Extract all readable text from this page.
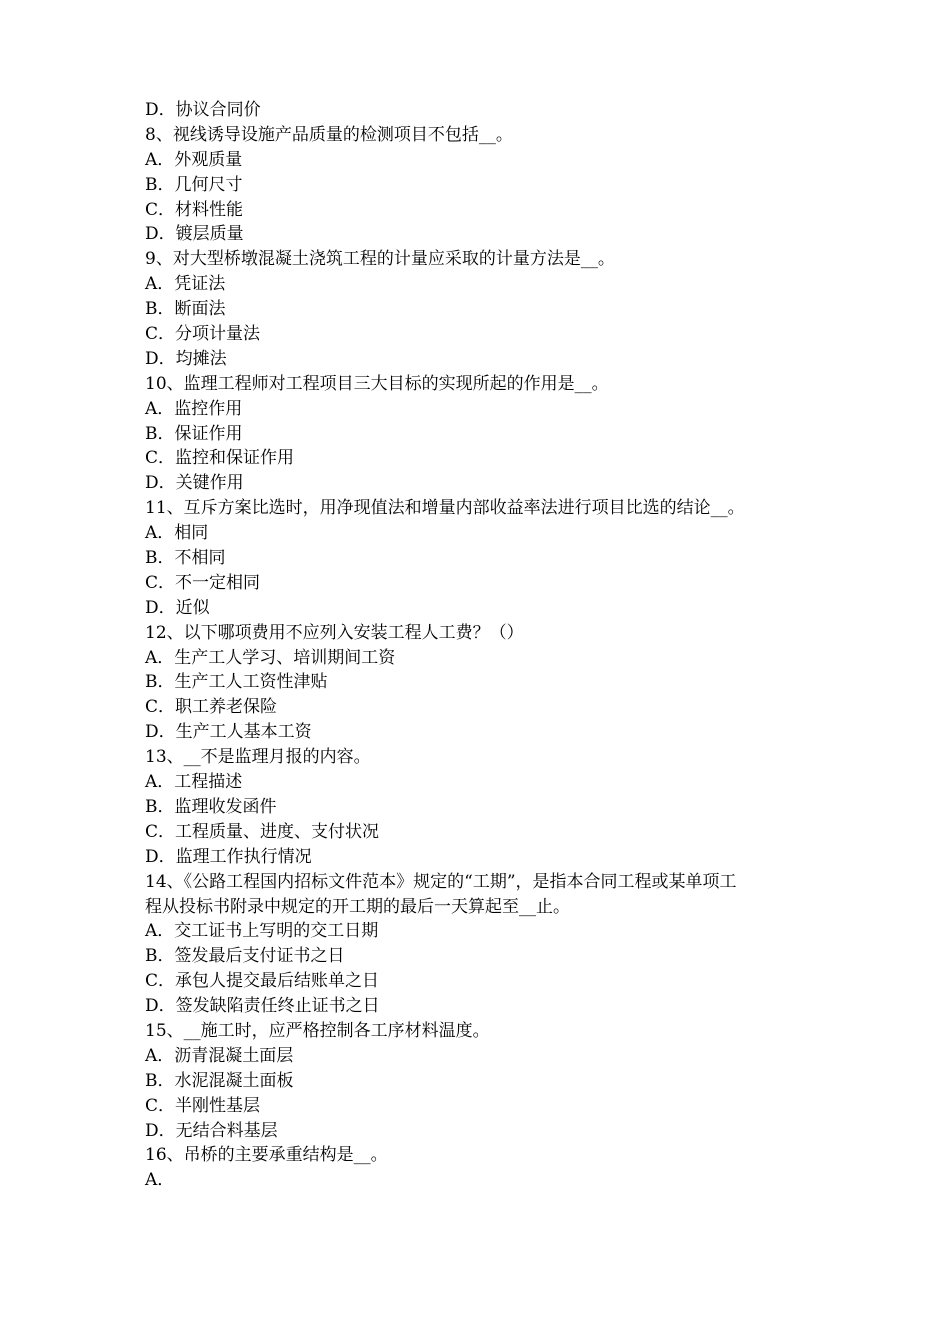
D．协议合同价
8、视线诱导设施产品质量的检测项目不包括__。
A．外观质量
B．几何尺寸
C．材料性能
D．镀层质量
9、对大型桥墩混凝土浇筑工程的计量应采取的计量方法是__。
A．凭证法
B．断面法
C．分项计量法
D．均摊法
10、监理工程师对工程项目三大目标的实现所起的作用是__。
A．监控作用
B．保证作用
C．监控和保证作用
D．关键作用
11、互斥方案比选时，用净现值法和增量内部收益率法进行项目比选的结论__。
A．相同
B．不相同
C．不一定相同
D．近似
12、以下哪项费用不应列入安装工程人工费？（）
A．生产工人学习、培训期间工资
B．生产工人工资性津贴
C．职工养老保险
D．生产工人基本工资
13、__不是监理月报的内容。
A．工程描述
B．监理收发函件
C．工程质量、进度、支付状况
D．监理工作执行情况
14、《公路工程国内招标文件范本》规定的“工期”，是指本合同工程或某单项工
程从投标书附录中规定的开工期的最后一天算起至__止。
A．交工证书上写明的交工日期
B．签发最后支付证书之日
C．承包人提交最后结账单之日
D．签发缺陷责任终止证书之日
15、__施工时，应严格控制各工序材料温度。
A．沥青混凝土面层
B．水泥混凝土面板
C．半刚性基层
D．无结合料基层
16、吊桥的主要承重结构是__。
A．
